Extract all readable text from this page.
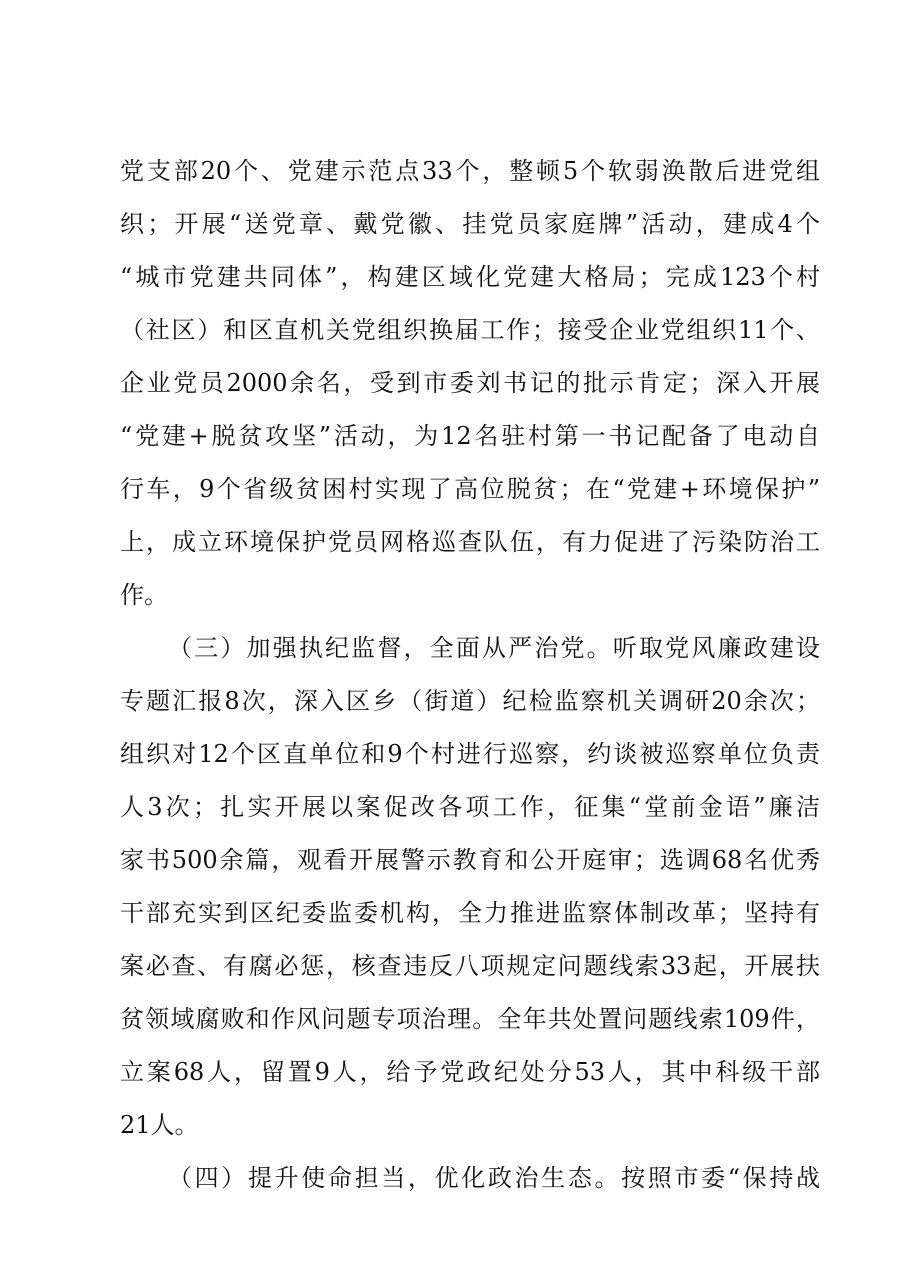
党支部20个、党建示范点33个，整顿5个软弱涣散后进党组
织；开展“送党章、戴党徽、挂党员家庭牌”活动，建成4个
“城市党建共同体”，构建区域化党建大格局；完成123个村
（社区）和区直机关党组织换届工作；接受企业党组织11个、
企业党员2000余名，受到市委刘书记的批示肯定；深入开展
“党建+脱贫攻坚”活动，为12名驻村第一书记配备了电动自
行车，9个省级贫困村实现了高位脱贫；在“党建+环境保护”
上，成立环境保护党员网格巡查队伍，有力促进了污染防治工
作。
（三）加强执纪监督，全面从严治党。听取党风廉政建设
专题汇报8次，深入区乡（街道）纪检监察机关调研20余次；
组织对12个区直单位和9个村进行巡察，约谈被巡察单位负责
人3次；扎实开展以案促改各项工作，征集“堂前金语”廉洁
家书500余篇，观看开展警示教育和公开庭审；选调68名优秀
干部充实到区纪委监委机构，全力推进监察体制改革；坚持有
案必查、有腐必惩，核查违反八项规定问题线索33起，开展扶
贫领域腐败和作风问题专项治理。全年共处置问题线索109件，
立案68人，留置9人，给予党政纪处分53人，其中科级干部
21人。
（四）提升使命担当，优化政治生态。按照市委“保持战
